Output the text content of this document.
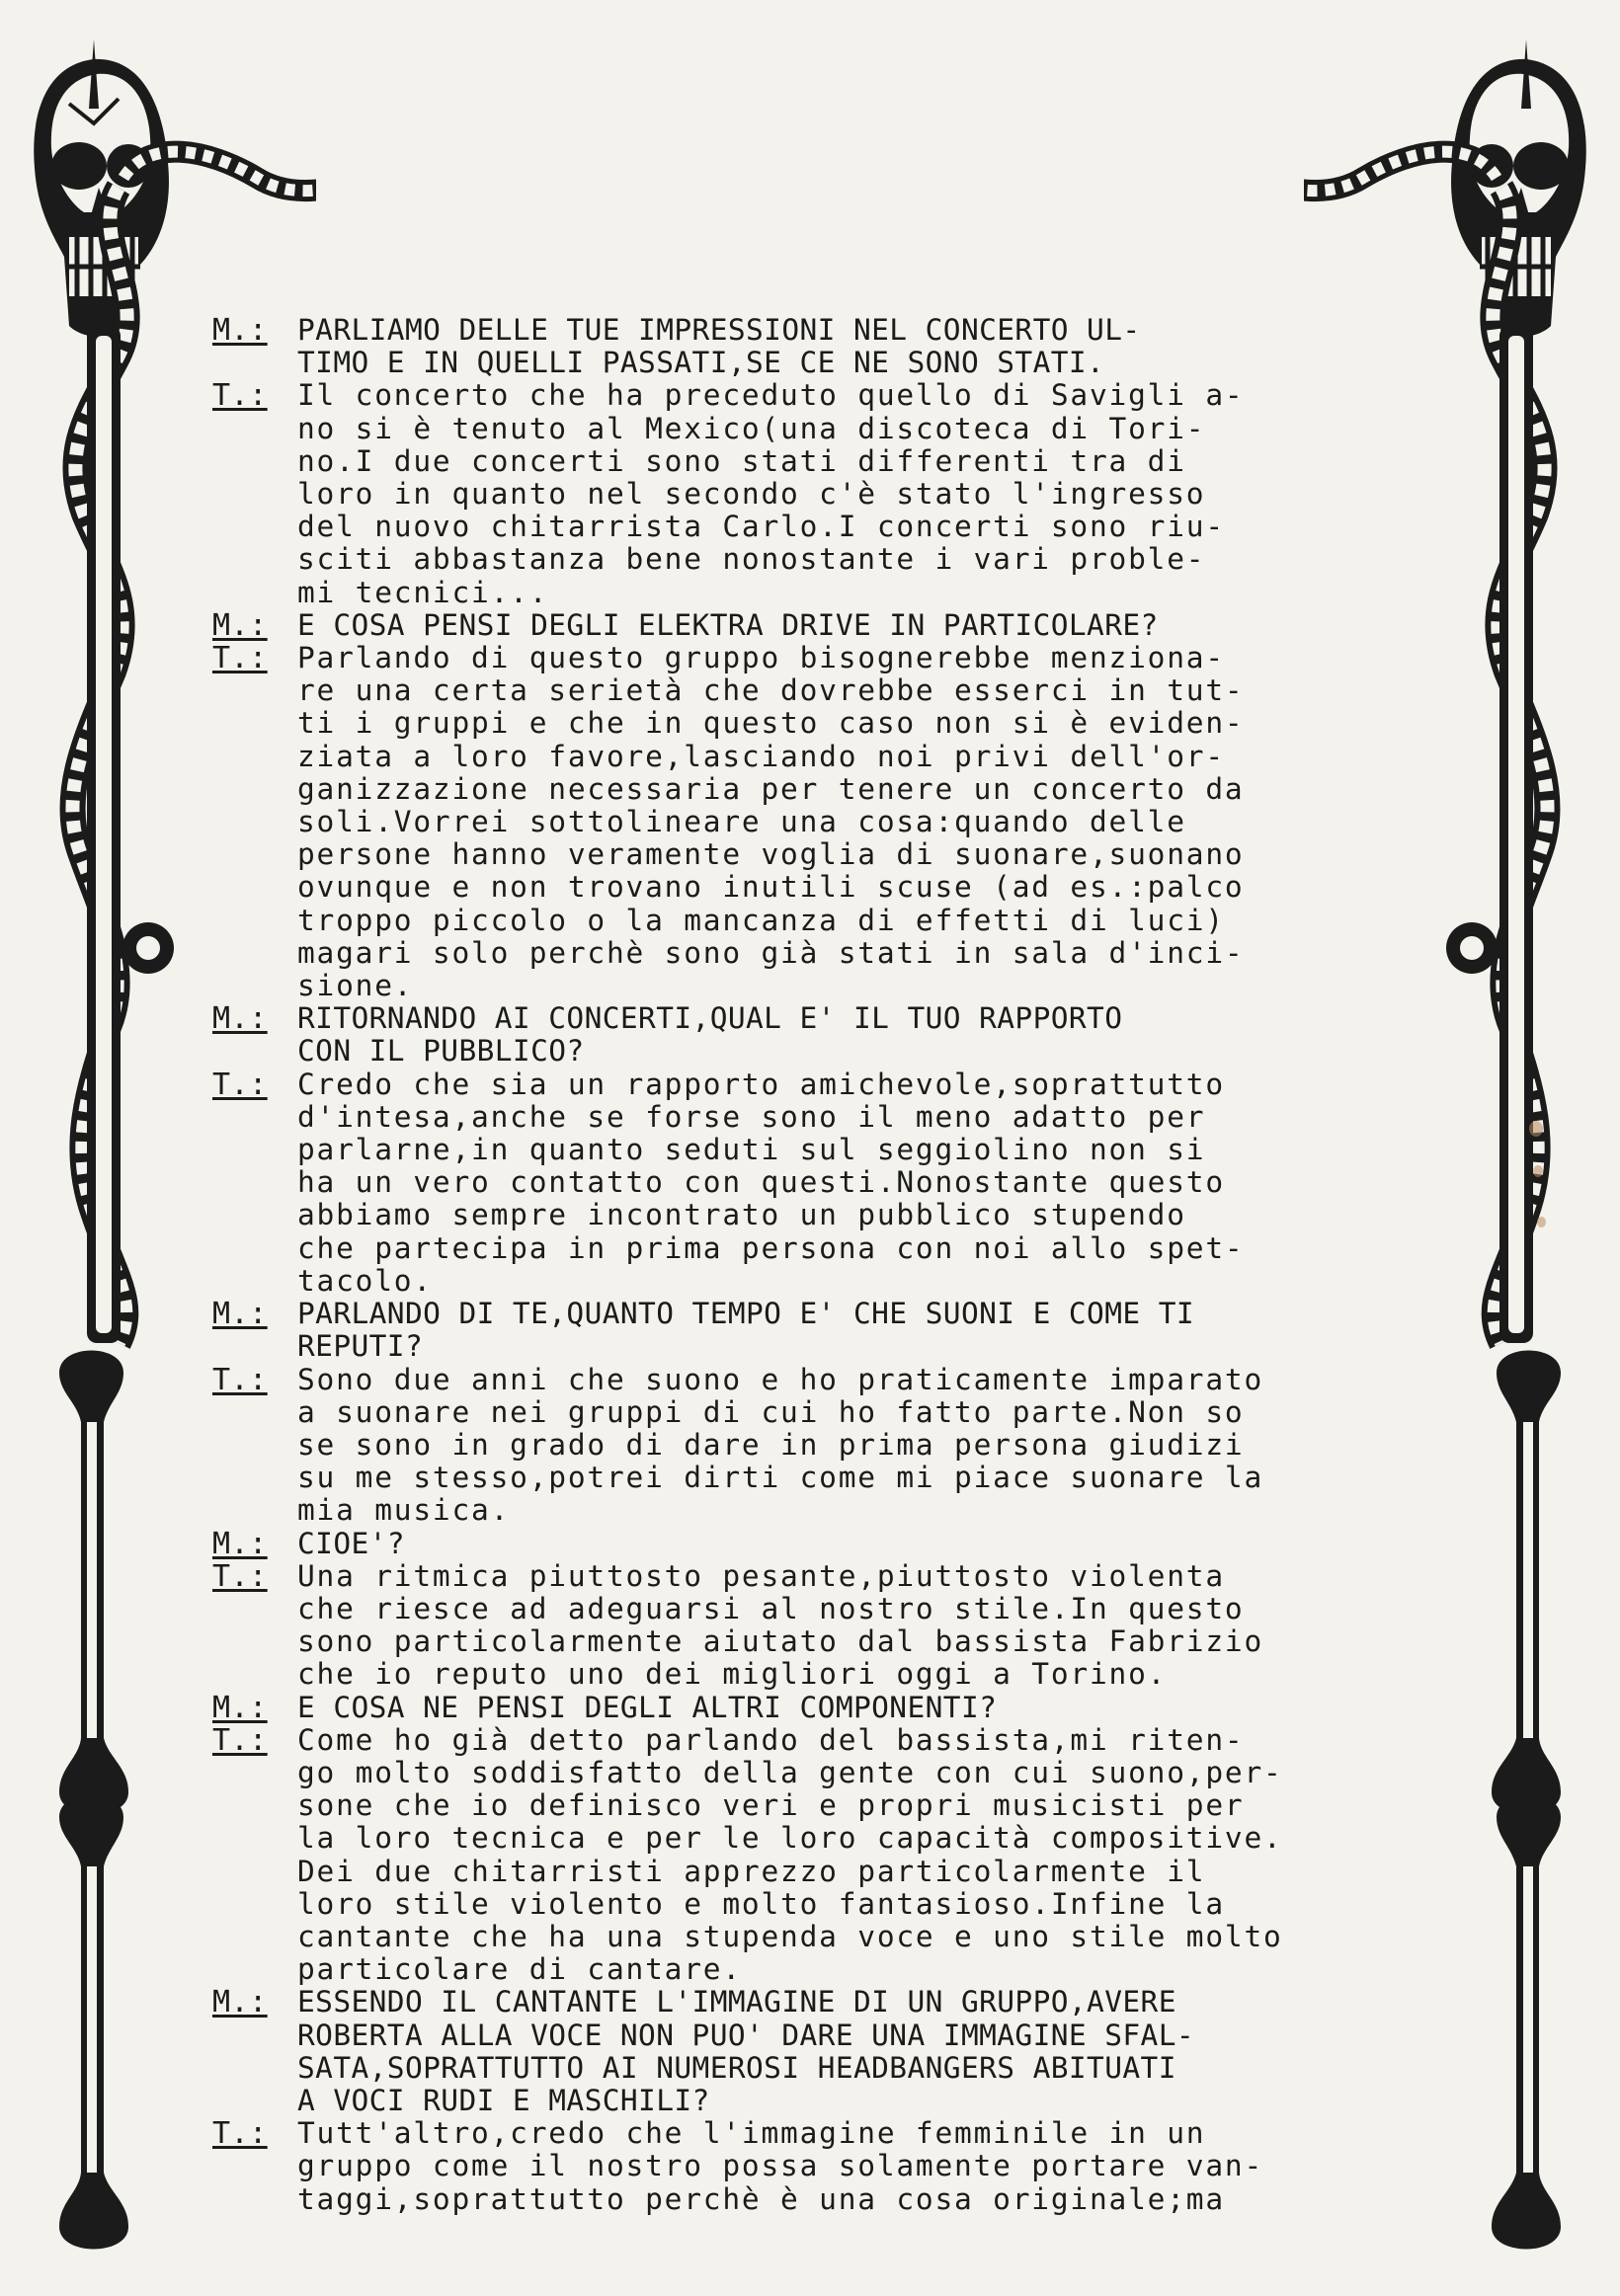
M.:	PARLIAMO DELLE TUE IMPRESSIONI NEL CONCERTO UL-
TIMO E IN QUELLI PASSATI,SE CE NE SONO STATI.
T.:	Il concerto che ha preceduto quello di Savigli a-
no si è tenuto al Mexico(una discoteca di Tori-
no.I due concerti sono stati differenti tra di
loro in quanto nel secondo c'è stato l'ingresso
del nuovo chitarrista Carlo.I concerti sono riu-
sciti abbastanza bene nonostante i vari proble-
mi tecnici...
M.:	E COSA PENSI DEGLI ELEKTRA DRIVE IN PARTICOLARE?
T.:	Parlando di questo gruppo bisognerebbe menziona-
re una certa serietà che dovrebbe esserci in tut-
ti i gruppi e che in questo caso non si è eviden-
ziata a loro favore,lasciando noi privi dell'or-
ganizzazione necessaria per tenere un concerto da
soli.Vorrei sottolineare una cosa:quando delle
persone hanno veramente voglia di suonare,suonano
ovunque e non trovano inutili scuse (ad es.:palco
troppo piccolo o la mancanza di effetti di luci)
magari solo perchè sono già stati in sala d'inci-
sione.
M.:	RITORNANDO AI CONCERTI,QUAL E' IL TUO RAPPORTO
CON IL PUBBLICO?
T.:	Credo che sia un rapporto amichevole,soprattutto
d'intesa,anche se forse sono il meno adatto per
parlarne,in quanto seduti sul seggiolino non si
ha un vero contatto con questi.Nonostante questo
abbiamo sempre incontrato un pubblico stupendo
che partecipa in prima persona con noi allo spet-
tacolo.
M.:	PARLANDO DI TE,QUANTO TEMPO E' CHE SUONI E COME TI
REPUTI?
T.:	Sono due anni che suono e ho praticamente imparato
a suonare nei gruppi di cui ho fatto parte.Non so
se sono in grado di dare in prima persona giudizi
su me stesso,potrei dirti come mi piace suonare la
mia musica.
M.:	CIOE'?
T.:	Una ritmica piuttosto pesante,piuttosto violenta
che riesce ad adeguarsi al nostro stile.In questo
sono particolarmente aiutato dal bassista Fabrizio
che io reputo uno dei migliori oggi a Torino.
M.:	E COSA NE PENSI DEGLI ALTRI COMPONENTI?
T.:	Come ho già detto parlando del bassista,mi riten-
go molto soddisfatto della gente con cui suono,per-
sone che io definisco veri e propri musicisti per
la loro tecnica e per le loro capacità compositive.
Dei due chitarristi apprezzo particolarmente il
loro stile violento e molto fantasioso.Infine la
cantante che ha una stupenda voce e uno stile molto
particolare di cantare.
M.:	ESSENDO IL CANTANTE L'IMMAGINE DI UN GRUPPO,AVERE
ROBERTA ALLA VOCE NON PUO' DARE UNA IMMAGINE SFAL-
SATA,SOPRATTUTTO AI NUMEROSI HEADBANGERS ABITUATI
A VOCI RUDI E MASCHILI?
T.:	Tutt'altro,credo che l'immagine femminile in un
gruppo come il nostro possa solamente portare van-
taggi,soprattutto perchè è una cosa originale;ma
